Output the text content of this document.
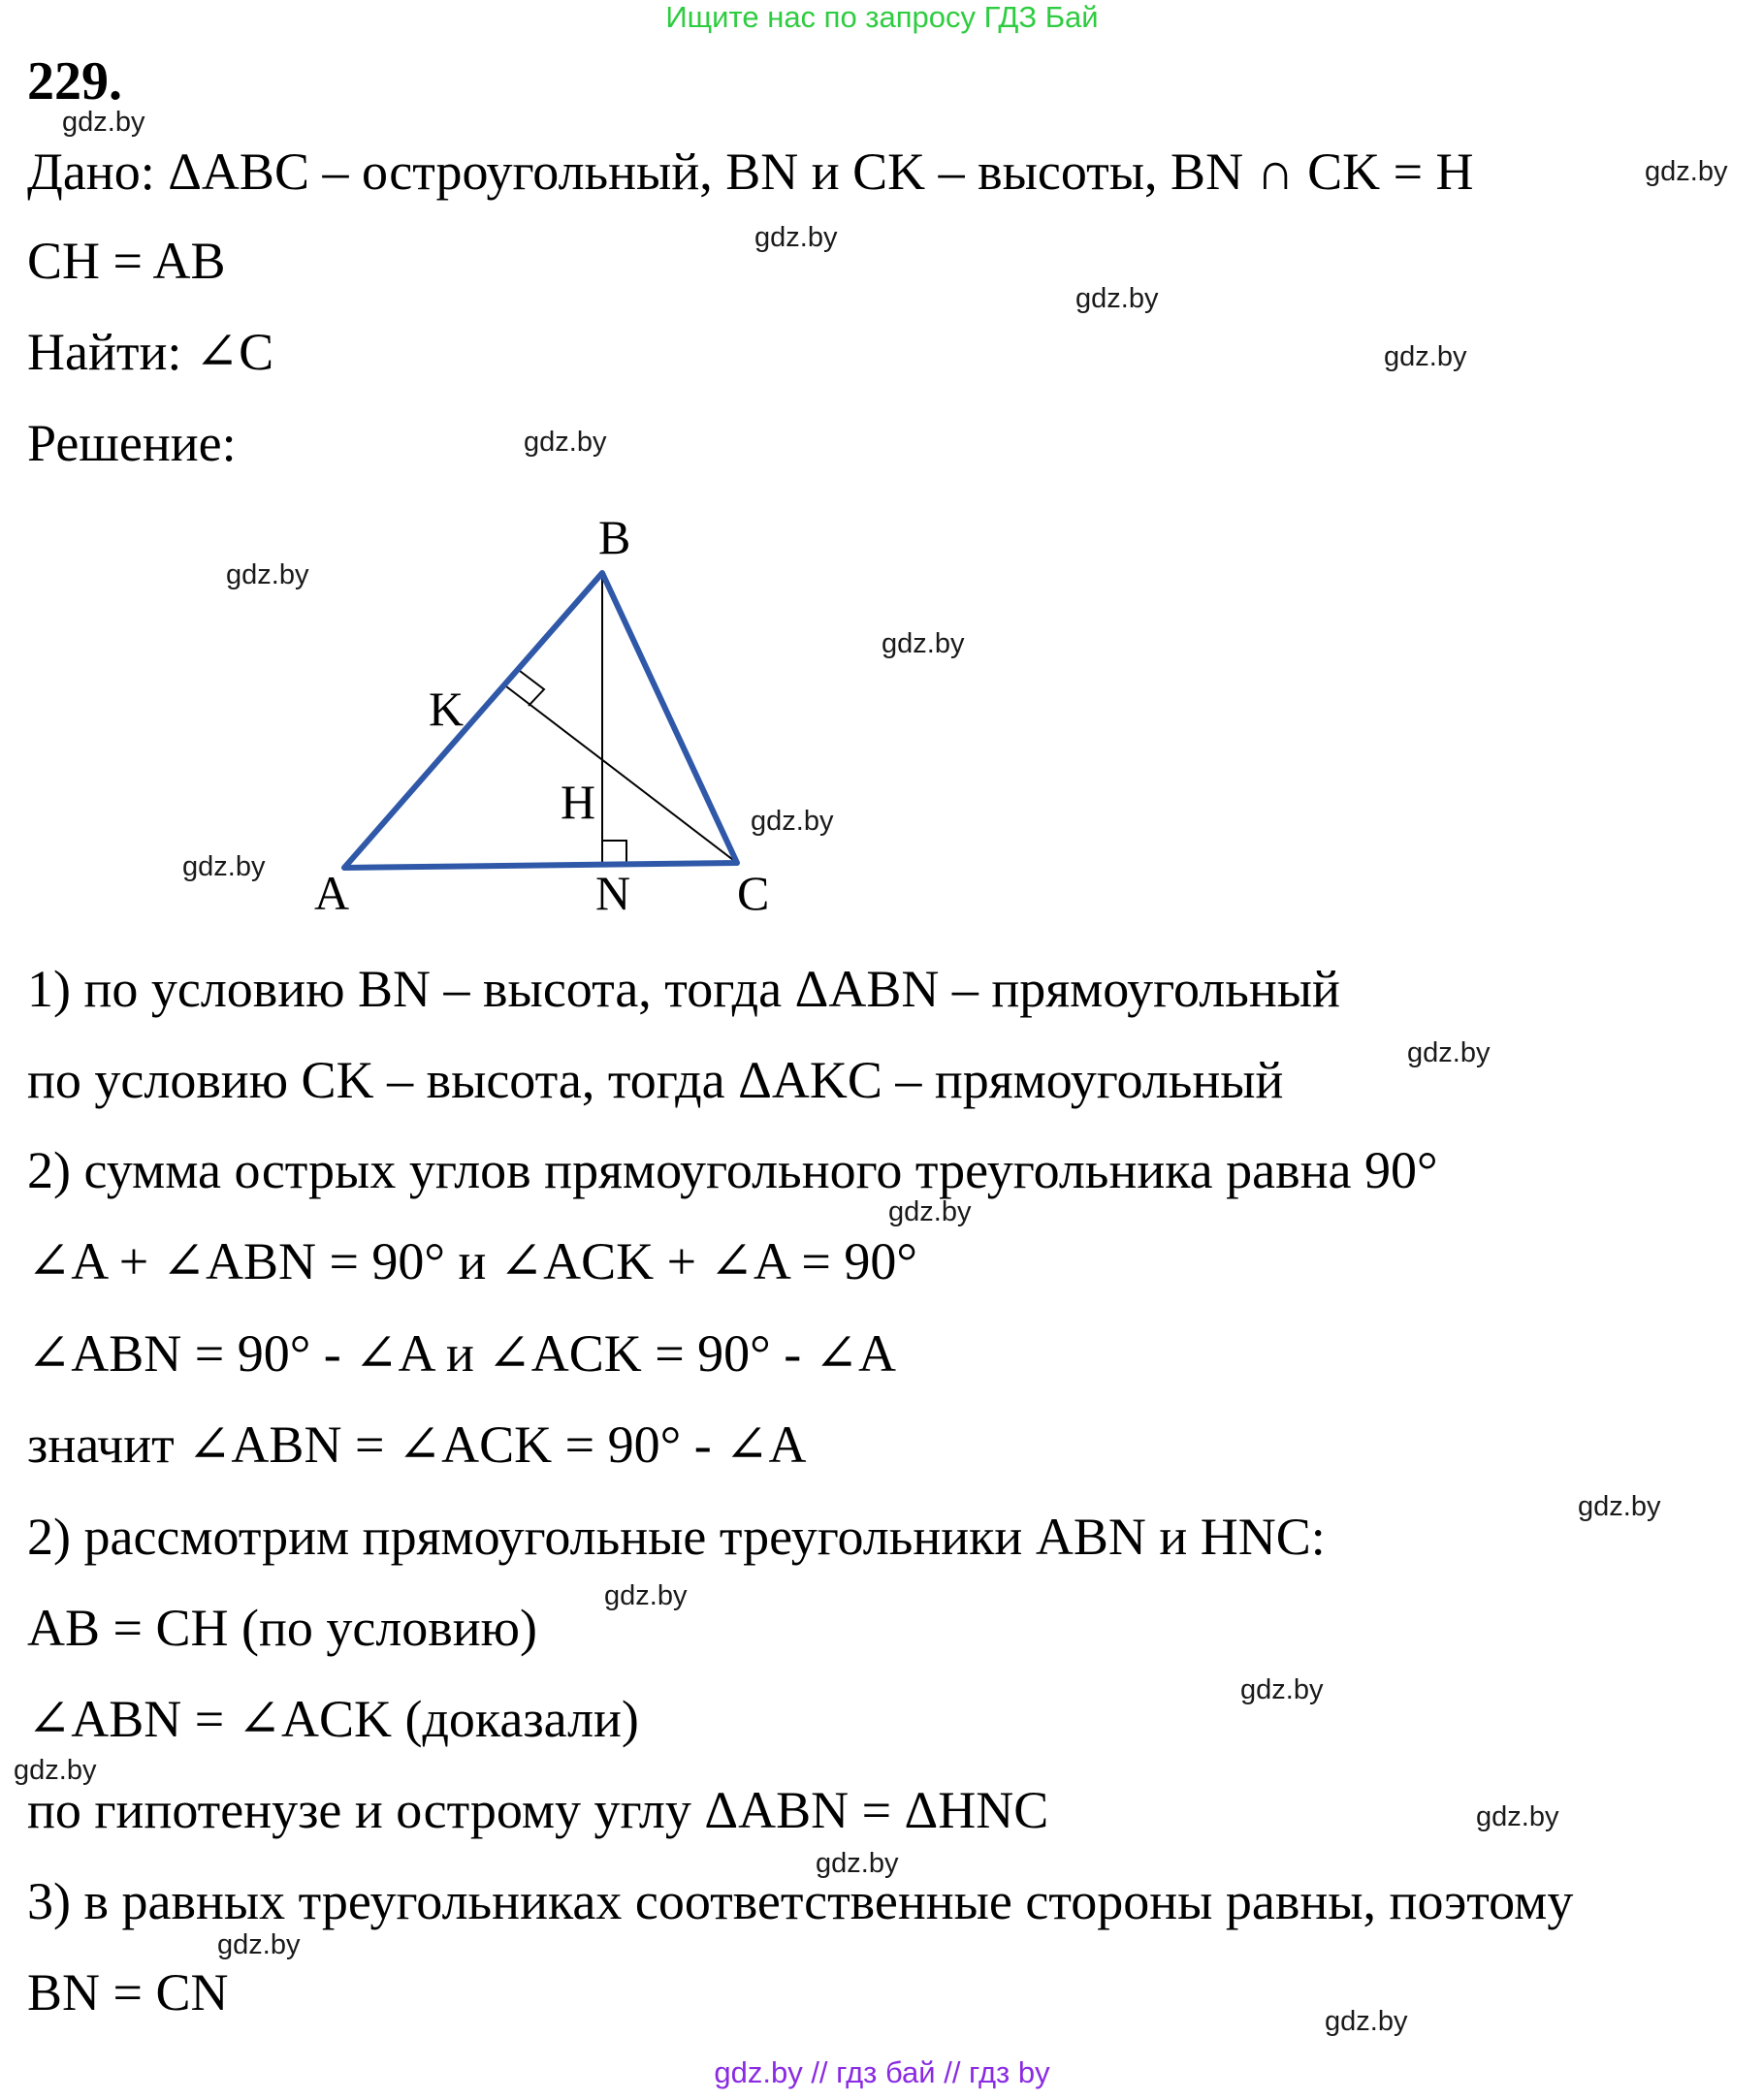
Ищите нас по запросу ГДЗ Бай
229.
gdz.by
Дано: ΔABC – остроугольный, BN и CK – высоты, BN ∩ CK = H	gdz.by
CH = AB	gdz.by
gdz.by
Найти: ∠C	gdz.by
Решение:	gdz.by
gdz.by
gdz.by
gdz.by
gdz.by
B
K
H
A	N C
1) по условию BN – высота, тогда ΔABN – прямоугольный
gdz.by
по условию CK – высота, тогда ΔAKC – прямоугольный
2) сумма острых углов прямоугольного треугольника равна 90°
gdz.by
∠A + ∠ABN = 90° и ∠ACK + ∠A = 90°
∠ABN = 90° - ∠A и ∠ACK = 90° - ∠A
значит ∠ABN = ∠ACK = 90° - ∠A
gdz.by
2) рассмотрим прямоугольные треугольники ABN и HNC:
gdz.by
AB = CH (по условию)
gdz.by
∠ABN = ∠ACK (доказали)
gdz.by
по гипотенузе и острому углу ΔABN = ΔHNC	gdz.by
gdz.by
3) в равных треугольниках соответственные стороны равны, поэтому
gdz.by
BN = CN	gdz.by
gdz.by // гдз бай // гдз by
